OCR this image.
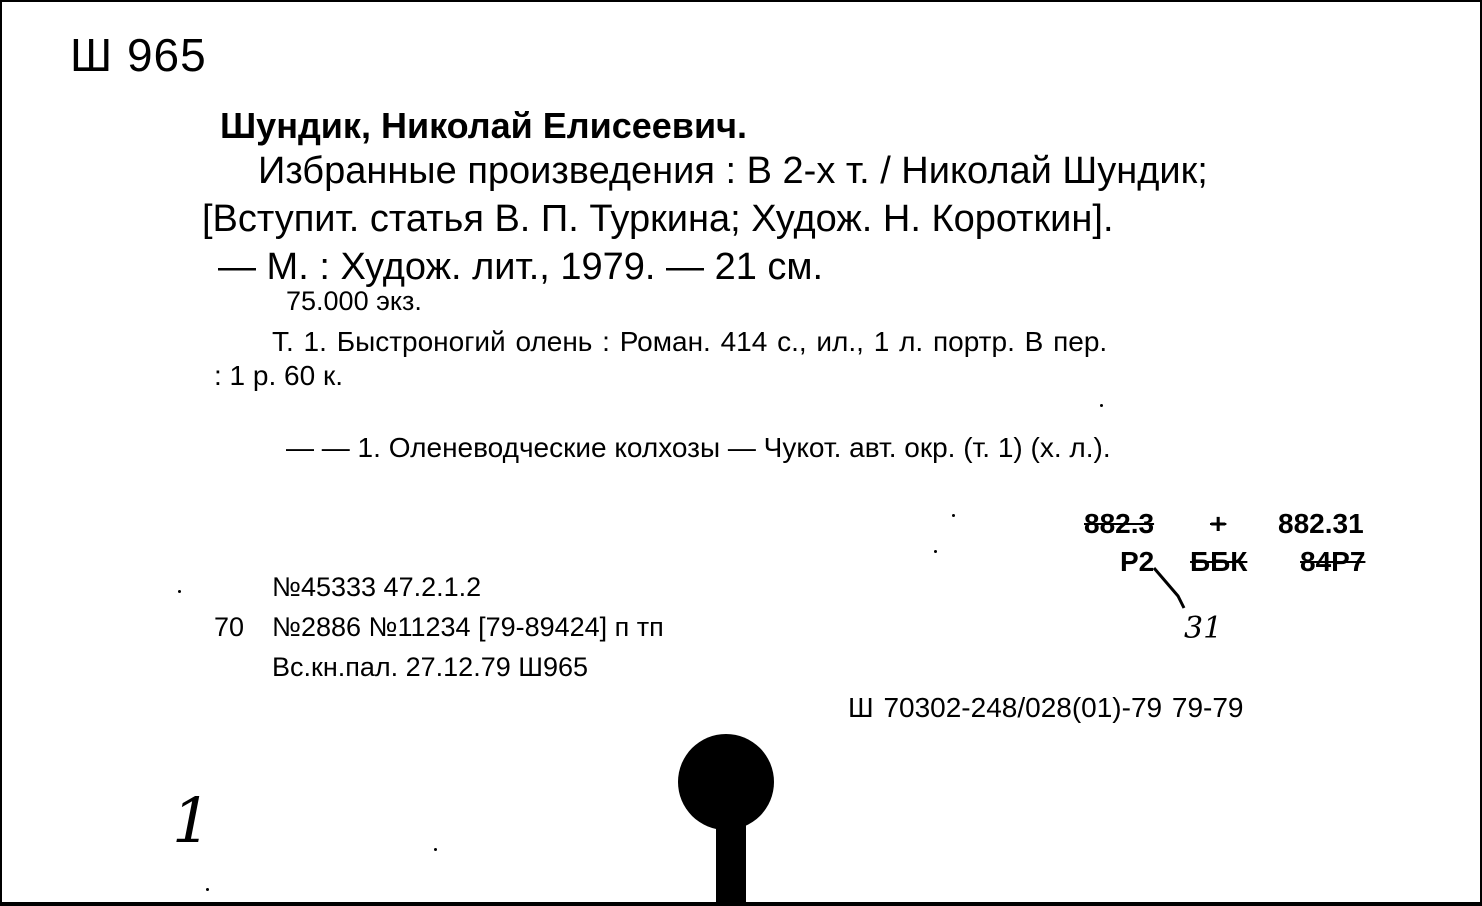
Ш 965
Шундик, Николай Елисеевич.
Избранные произведения : В 2-х т. / Николай Шундик;
[Вступит. статья В. П. Туркина; Худож. Н. Короткин].
— М. : Худож. лит., 1979. — 21 см.
75.000 экз.
Т. 1. Быстроногий олень : Роман. 414 с., ил., 1 л. портр. В пер.
: 1 р. 60 к.
— — 1. Оленеводческие колхозы — Чукот. авт. окр. (т. 1) (х. л.).
882.3 + 882.31
Р2 ББК 84Р7
31
№45333 47.2.1.2
70 №2886 №11234 [79-89424] п тп
Вс.кн.пал. 27.12.79 Ш965
Ш 70302-248/028(01)-79 79-79
1
